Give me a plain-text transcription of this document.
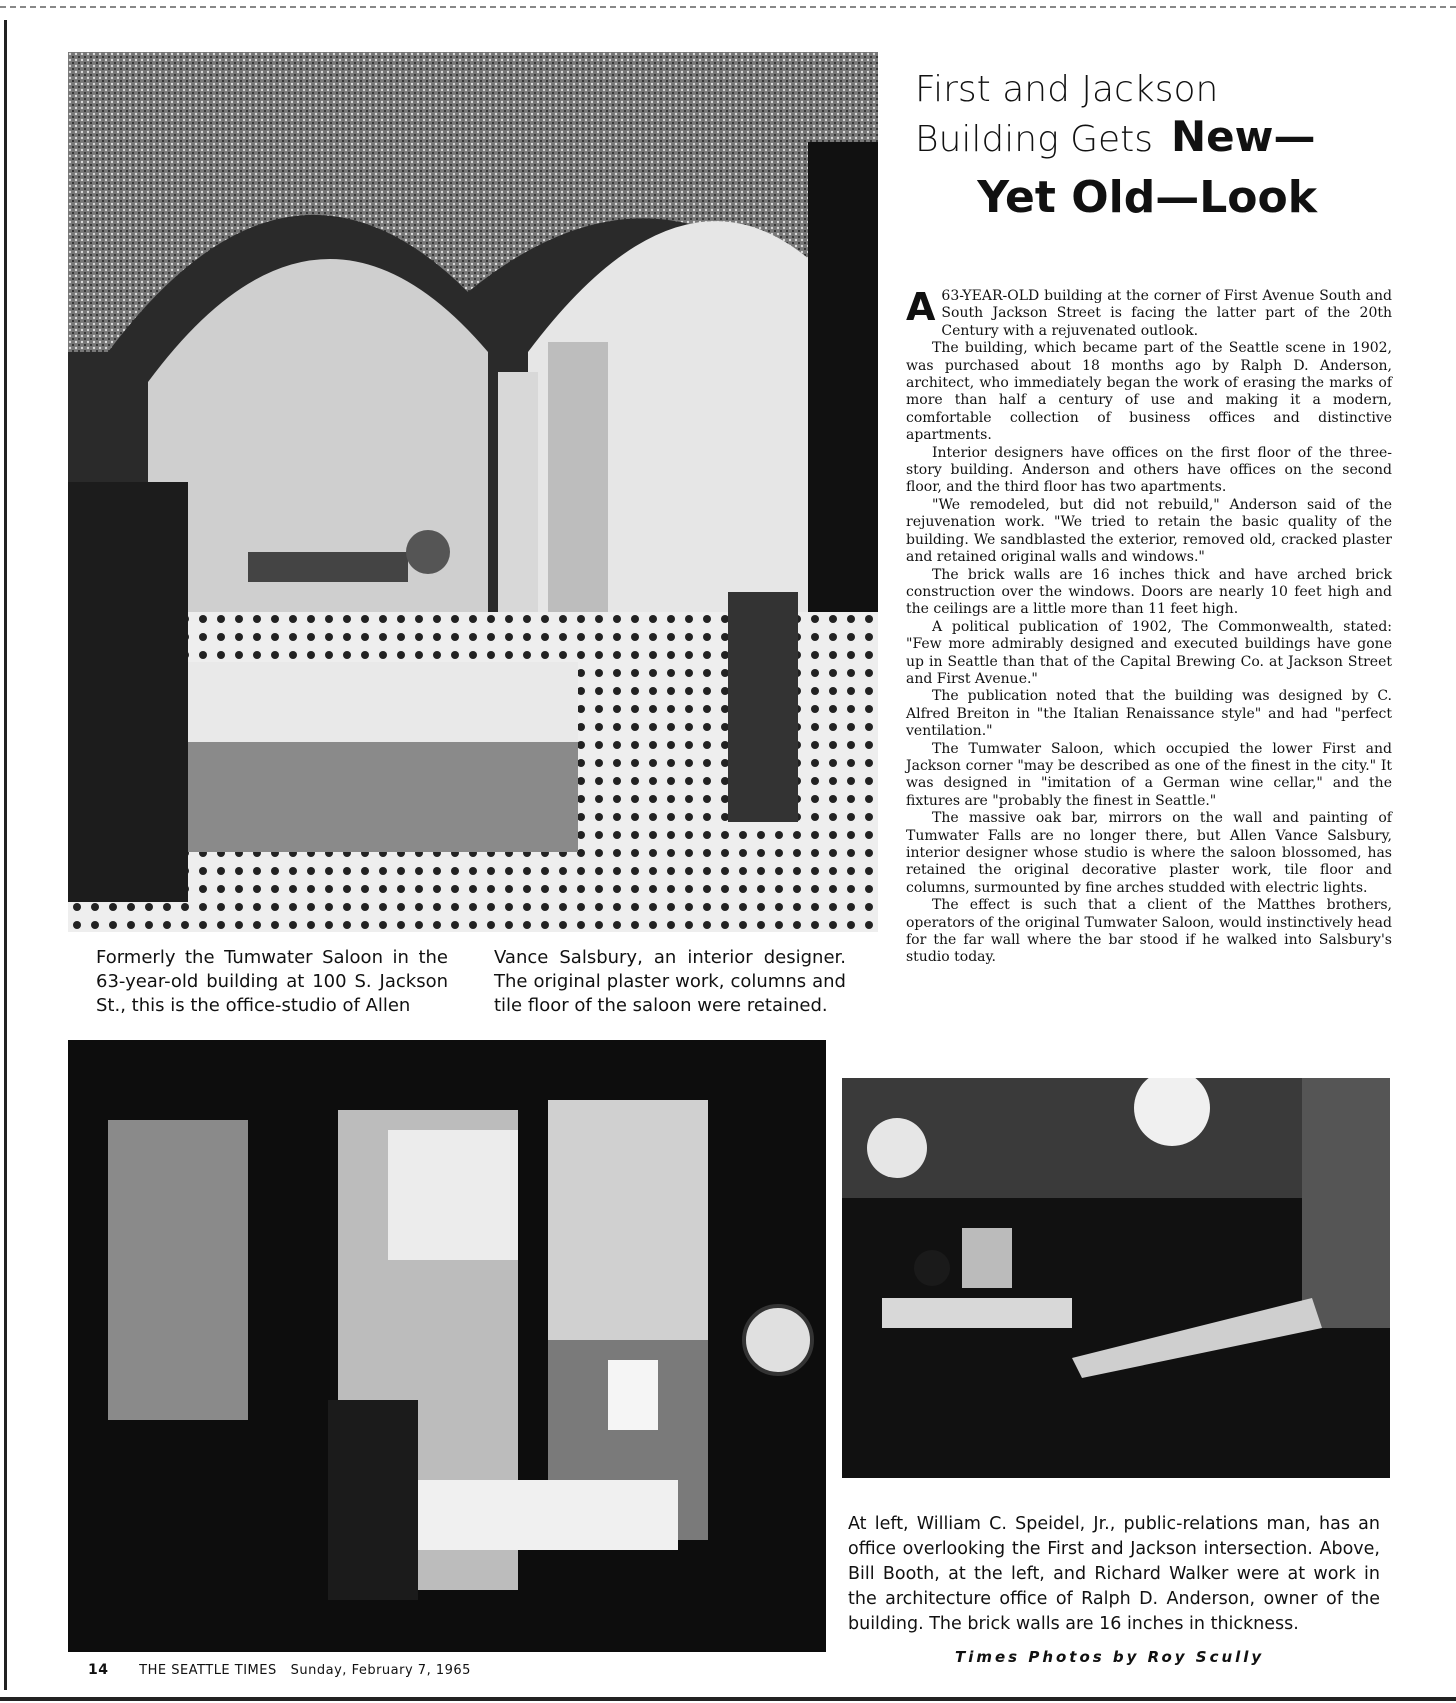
Formerly the Tumwater Saloon in the 63-year-old building at 100 S. Jackson St., this is the office-studio of Allen
Vance Salsbury, an interior designer. The original plaster work, columns and tile floor of the saloon were retained.
First and Jackson
Building Gets New—
Yet Old—Look

A 63-YEAR-OLD building at the corner of First Avenue South and South Jackson Street is facing the latter part of the 20th Century with a rejuvenated outlook.

The building, which became part of the Seattle scene in 1902, was purchased about 18 months ago by Ralph D. Anderson, architect, who immediately began the work of erasing the marks of more than half a century of use and making it a modern, comfortable collection of business offices and distinctive apartments.

Interior designers have offices on the first floor of the three-story building. Anderson and others have offices on the second floor, and the third floor has two apartments.

"We remodeled, but did not rebuild," Anderson said of the rejuvenation work. "We tried to retain the basic quality of the building. We sandblasted the exterior, removed old, cracked plaster and retained original walls and windows."

The brick walls are 16 inches thick and have arched brick construction over the windows. Doors are nearly 10 feet high and the ceilings are a little more than 11 feet high.

A political publication of 1902, The Commonwealth, stated: "Few more admirably designed and executed buildings have gone up in Seattle than that of the Capital Brewing Co. at Jackson Street and First Avenue."

The publication noted that the building was designed by C. Alfred Breiton in "the Italian Renaissance style" and had "perfect ventilation."

The Tumwater Saloon, which occupied the lower First and Jackson corner "may be described as one of the finest in the city." It was designed in "imitation of a German wine cellar," and the fixtures are "probably the finest in Seattle."

The massive oak bar, mirrors on the wall and painting of Tumwater Falls are no longer there, but Allen Vance Salsbury, interior designer whose studio is where the saloon blossomed, has retained the original decorative plaster work, tile floor and columns, surmounted by fine arches studded with electric lights.

The effect is such that a client of the Matthes brothers, operators of the original Tumwater Saloon, would instinctively head for the far wall where the bar stood if he walked into Salsbury's studio today.

At left, William C. Speidel, Jr., public-relations man, has an office overlooking the First and Jackson intersection. Above, Bill Booth, at the left, and Richard Walker were at work in the architecture office of Ralph D. Anderson, owner of the building. The brick walls are 16 inches in thickness.
Times Photos by Roy Scully
14 THE SEATTLE TIMES Sunday, February 7, 1965
